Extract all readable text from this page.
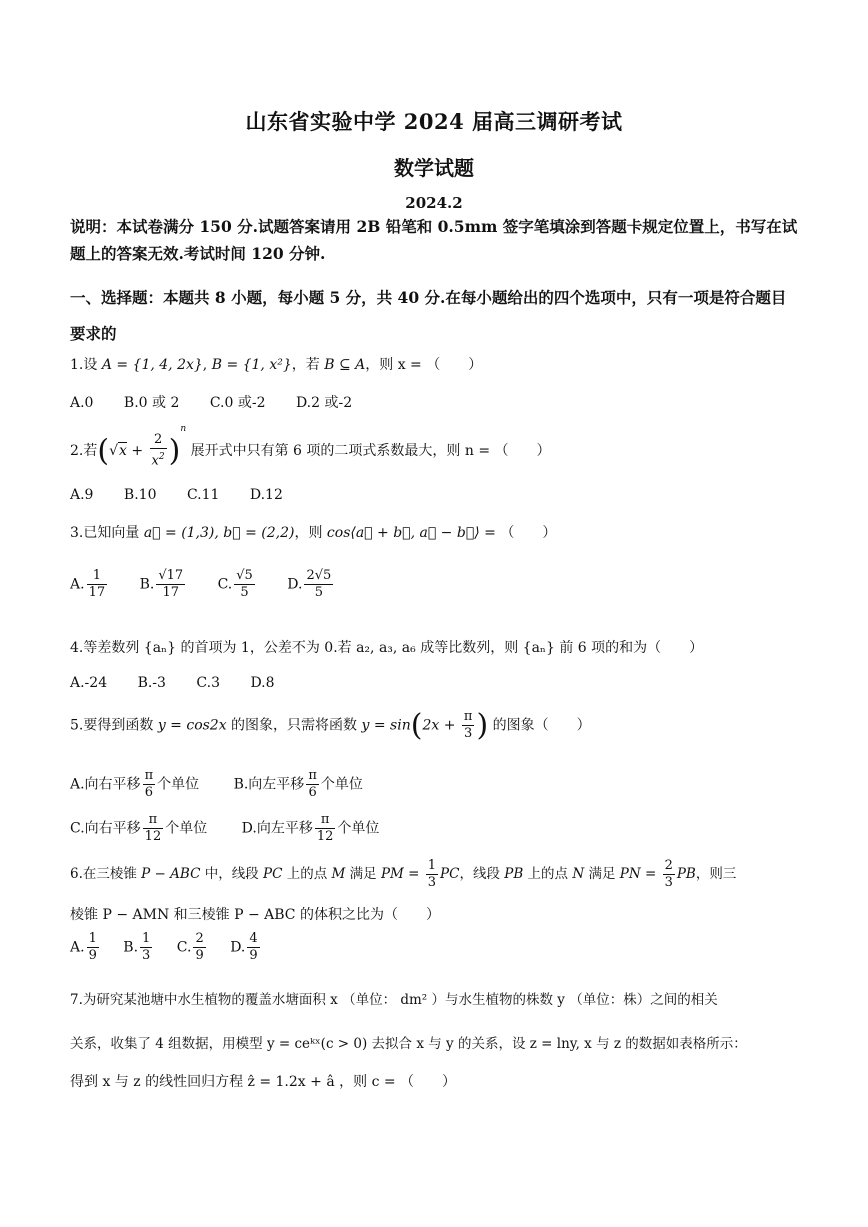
山东省实验中学 2024 届高三调研考试
数学试题
2024.2
说明：本试卷满分 150 分.试题答案请用 2B 铅笔和 0.5mm 签字笔填涂到答题卡规定位置上，书写在试题上的答案无效.考试时间 120 分钟.
一、选择题：本题共 8 小题，每小题 5 分，共 40 分.在每小题给出的四个选项中，只有一项是符合题目要求的
1.设 A = {1, 4, 2x}, B = {1, x²}，若 B ⊆ A，则 x = （　　）
A.0 B.0 或 2 C.0 或-2 D.2 或-2
2.若$(√x + \frac{2}{x^2} )^n$ 展开式中只有第 6 项的二项式系数最大，则 n = （　　）
A.9 B.10 C.11 D.12
3.已知向量 a⃗ = (1,3), b⃗ = (2,2)，则 cos⟨a⃗ + b⃗, a⃗ − b⃗⟩ = （　　）
A. $\frac{1}{17} B$. $\frac{√17}{17} C$. $\frac{√5}{5} D$. $\frac{2√5}{5}$
4.等差数列 {aₙ} 的首项为 1，公差不为 0.若 a₂, a₃, a₆ 成等比数列，则 {aₙ} 前 6 项的和为（　　）
A.-24 B.-3 C.3 D.8
5.要得到函数 y = cos2x 的图象，只需将函数 $y = \sin(2x + \frac{\pi}{3}$ ) 的图象（　　）
A.向右平移 $\frac{\pi}{6}$ 个单位 B.向左平移 $\frac{\pi}{6}$ 个单位
C.向右平移 $\frac{\pi}{12}$ 个单位 D.向左平移 $\frac{\pi}{12}$ 个单位
6.在三棱锥 P − ABC 中，线段 PC 上的点 M 满足 PM = $\frac{1}{3}$ PC，线段 PB 上的点 N 满足 PN = $\frac{2}{3}$ PB，则三
棱锥 P − AMN 和三棱锥 P − ABC 的体积之比为（　　）
A. $\frac{1}{9} B$. $\frac{1}{3} C$. $\frac{2}{9} D$. $\frac{4}{9}$
7.为研究某池塘中水生植物的覆盖水塘面积 x （单位： dm² ）与水生植物的株数 y （单位：株）之间的相关
关系，收集了 4 组数据，用模型 y = ceᵏˣ(c > 0) 去拟合 x 与 y 的关系，设 z = lny, x 与 z 的数据如表格所示：
得到 x 与 z 的线性回归方程 ẑ = 1.2x + â ，则 c = （　　）
